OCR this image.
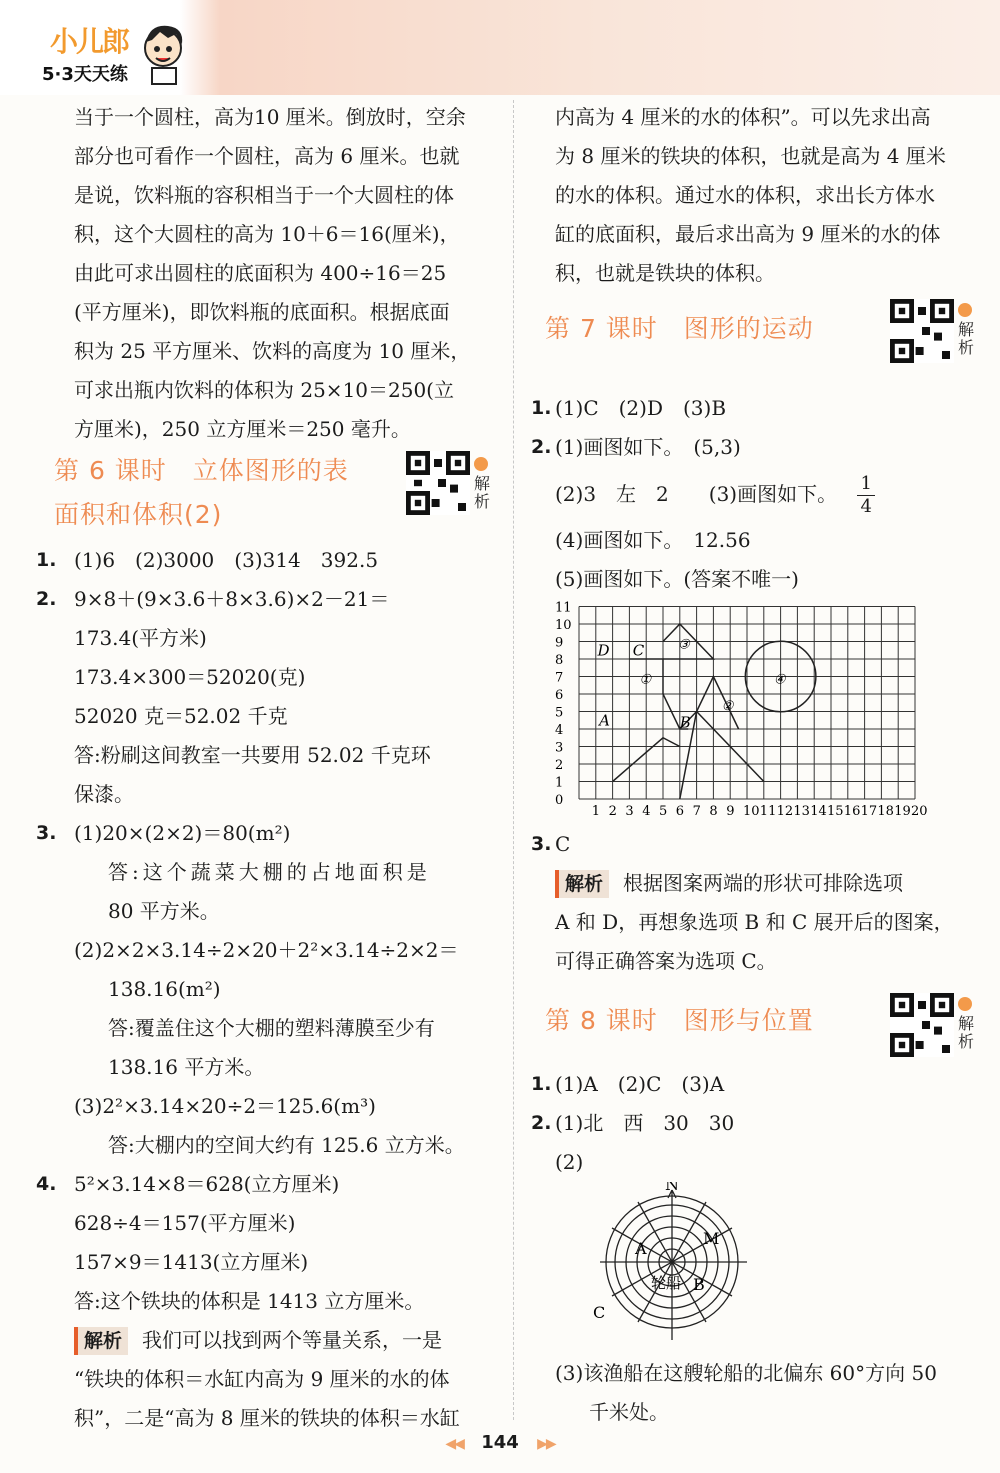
小儿郎
5·3天天练
当于一个圆柱，高为10 厘米。倒放时，空余
部分也可看作一个圆柱，高为 6 厘米。也就
是说，饮料瓶的容积相当于一个大圆柱的体
积，这个大圆柱的高为 10＋6＝16(厘米)，
由此可求出圆柱的底面积为 400÷16＝25
(平方厘米)，即饮料瓶的底面积。根据底面
积为 25 平方厘米、饮料的高度为 10 厘米，
可求出瓶内饮料的体积为 25×10＝250(立
方厘米)，250 立方厘米＝250 毫升。
第 6 课时　立体图形的表
面积和体积(2)
解析
1. (1)6　(2)3000　(3)314　392.5
2. 9×8＋(9×3.6＋8×3.6)×2－21＝
173.4(平方米)
173.4×300＝52020(克)
52020 克＝52.02 千克
答:粉刷这间教室一共要用 52.02 千克环
保漆。
3. (1)20×(2×2)＝80(m²)
答:这个蔬菜大棚的占地面积是
80 平方米。
(2)2×2×3.14÷2×20＋2²×3.14÷2×2＝
138.16(m²)
答:覆盖住这个大棚的塑料薄膜至少有
138.16 平方米。
(3)2²×3.14×20÷2＝125.6(m³)
答:大棚内的空间大约有 125.6 立方米。
4. 5²×3.14×8＝628(立方厘米)
628÷4＝157(平方厘米)
157×9＝1413(立方厘米)
答:这个铁块的体积是 1413 立方厘米。
解析 我们可以找到两个等量关系，一是
“铁块的体积＝水缸内高为 9 厘米的水的体
积”，二是“高为 8 厘米的铁块的体积＝水缸
内高为 4 厘米的水的体积”。可以先求出高
为 8 厘米的铁块的体积，也就是高为 4 厘米
的水的体积。通过水的体积，求出长方体水
缸的底面积，最后求出高为 9 厘米的水的体
积，也就是铁块的体积。
第 7 课时　图形的运动	解析
1. (1)C　(2)D　(3)B
2. (1)画图如下。　(5,3)
(2)3　左　2　　(3)画图如下。 $\frac{1}{4}$
(4)画图如下。　12.56
(5)画图如下。(答案不唯一)
11
10
9
8
7
6
5
4
3
2
1
0
1 2 3 4 5 6 7 8 9 10 11 12 13 14 15 16 17 18 19 20
D C
A	B
①
②
③
④
3. C
解析 根据图案两端的形状可排除选项
A 和 D，再想象选项 B 和 C 展开后的图案，
可得正确答案为选项 C。
第 8 课时　图形与位置	解析
1. (1)A　(2)C　(3)A
2. (1)北　西　30　30
(2)
N
M
A
B
C
轮船
(3)该渔船在这艘轮船的北偏东 60°方向 50
千米处。
◀◀ 144 ▶▶
